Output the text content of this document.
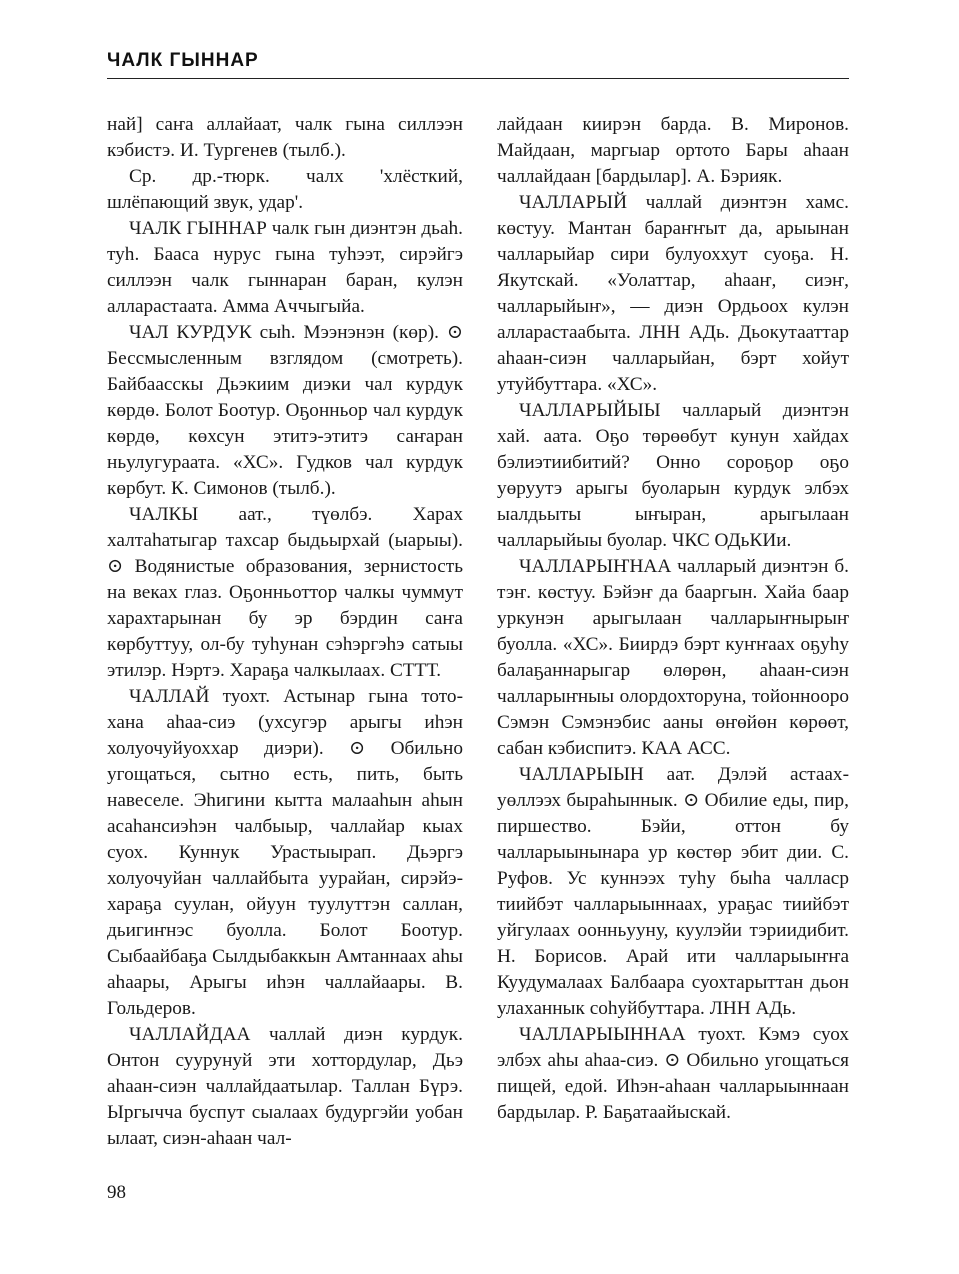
ЧАЛК ГЫННАР

най] саҥа аллайаат, чалк гына силлээн кэбистэ. И. Тургенев (тылб.).

Ср. др.-тюрк. чалх 'хлёсткий, шлёпающий звук, удар'.

ЧАЛК ГЫННАР чалк гын диэнтэн дьаһ. туһ. Бааса нуруc гына туһээт, сирэйгэ силлээн чалк гыннаран баран, кулэн алларастаата. Амма Аччыгыйа.

ЧАЛ КУРДУК сыһ. Мээнэнэн (көр). ⊙ Бессмысленным взглядом (смотреть). Байбаасcкы Дьэкиим диэки чал курдук көрдө. Болот Боотур. Оҕонньор чал курдук көрдө, көхсун этитэ-этитэ саҥаран ньулугураата. «ХС». Гудков чал курдук көрбут. К. Симонов (тылб.).

ЧАЛКЫ аат., түөлбэ. Харах халтаһатыгар тахсар быдьырхай (ыарыы). ⊙ Водянистые образования, зернистость на веках глаз. Оҕонньоттор чалкы чуммут харахтарынан бу эр бэрдин саҥа көрбуттуу, ол-бу туһунан сэһэргэһэ сатыы этилэр. Нэртэ. Хараҕа чалкылаах. СТТТ.

ЧАЛЛАЙ туохт. Астынар гына тото-хана аһаа-сиэ (ухсугэр арыгы иһэн холуочуйуохxар диэри). ⊙ Обильно угощаться, сытно есть, пить, быть навеселе. Эһигини кытта малааһын аһын асаһансиэһэн чалбыыр, чаллайар кыах суох. Куннук Урастыырап. Дьэргэ холуочуйан чаллайбыта уурайан, сирэйэ-хараҕа суулан, ойуун туулуттэн саллан, дьигиҥнэс буолла. Болот Боотур. Сыбаайбаҕа Сылдыбаккын Амтаннаах аһы аһаары, Арыгы иһэн чаллайаары. В. Гольдеров.

ЧАЛЛАЙДАА чаллай диэн курдук. Онтон суурунуй эти хоттордулар, Дьэ аһаан-сиэн чаллайдаатылар. Таллан Бүрэ. Ыргычча буспут сыалаах будургэйи уобан ылаат, сиэн-аһаан чал-

лайдаан киирэн барда. В. Миронов. Майдаан, маргыар ортото Бары аһаан чаллайдаан [бардылар]. А. Бэрияк.

ЧАЛЛАРЫЙ чаллай диэнтэн хамс. көстуу. Мантан бараҥҥыт да, арыынан чалларыйар сири булуоххут суоҕа. Н. Якутскай. «Уолаттар, аһааҥ, сиэҥ, чалларыйыҥ», — диэн Ордьоох кулэн алларастаабыта. ЛНН АДь. Дьокутааттар аһаан-сиэн чалларыйан, бэрт хойут утуйбуттара. «ХС».

ЧАЛЛАРЫЙЫЫ чалларый диэнтэн хай. аата. Оҕо төрөөбут кунун хайдах бэлиэтиибитий? Онно сороҕор оҕо уөруутэ арыгы буоларын курдук элбэх ыалдьыты ыҥыран, арыгылаан чалларыйыы буолар. ЧКС ОДьКИи.

ЧАЛЛАРЫҤНАА чалларый диэнтэн б. тэҥ. көстуу. Бэйэҥ да бааргын. Хайа баар уркунэн арыгылаан чалларыҥнырыҥ буолла. «ХС». Биирдэ бэрт куҥҥаах оҕуһу балаҕаннарыгар өлөрөн, аһаан-сиэн чалларыҥныы олордохторуна, тойоннооро Сэмэн Сэмэнэбис ааны өҥөйөн көрөөт, сабан кэбиспитэ. КАА АСС.

ЧАЛЛАРЫЫН аат. Дэлэй астаах-уөллээх быраһыннык. ⊙ Обилие еды, пир, пиршество. Бэйи, оттон бу чалларыынынара ур көстөр эбит дии. С. Руфов. Ус куннээх туһу быһа чалласр тиийбэт чалларыыннаах, ураҕас тиийбэт уйгулаах оонньууну, куулэйи тэриидибит. Н. Борисов. Арай ити чалларыыҥҥа Куудумалаах Балбаара суохтарыттан дьон улаханнык соһуйбуттара. ЛНН АДь.

ЧАЛЛАРЫЫННАА туохт. Кэмэ суох элбэх аһы аһаа-сиэ. ⊙ Обильно угощаться пищей, едой. Иһэн-аһаан чалларыыннаан бардылар. Р. Баҕатаайыскай.

98
